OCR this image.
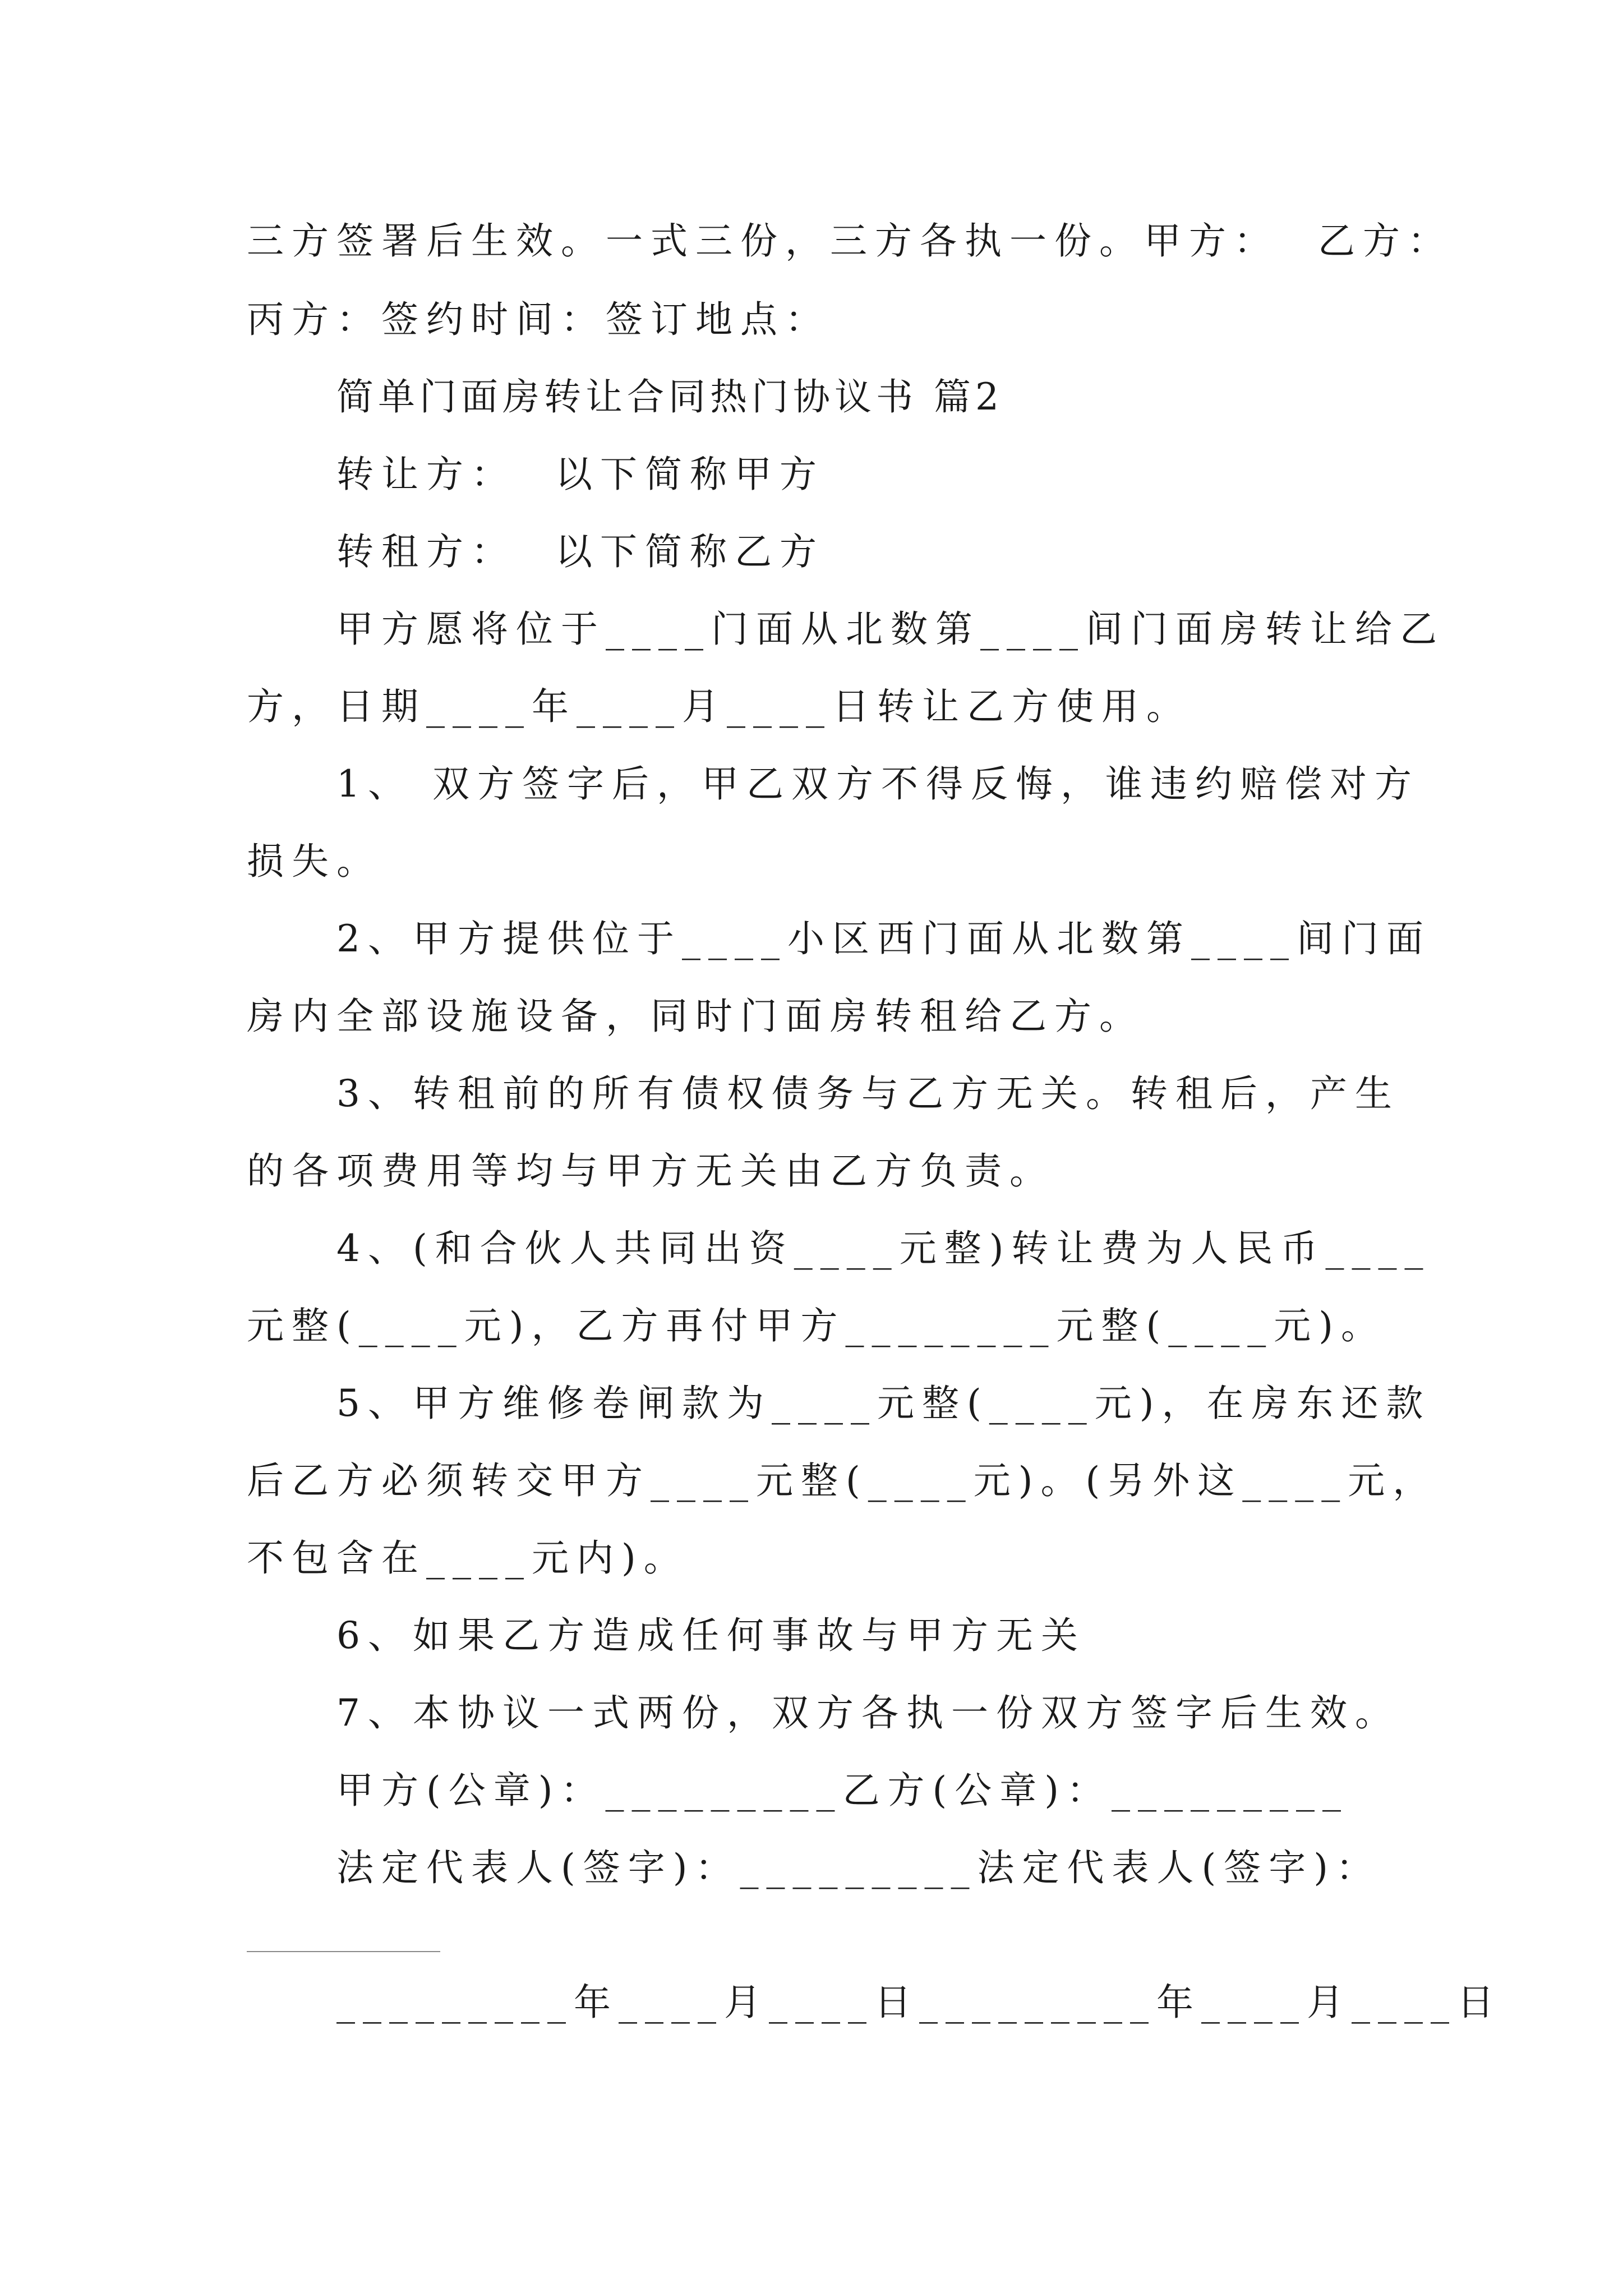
三方签署后生效。一式三份，三方各执一份。甲方：  乙方：
丙方：签约时间：签订地点：
简单门面房转让合同热门协议书 篇2
转让方：  以下简称甲方
转租方：  以下简称乙方
甲方愿将位于____门面从北数第____间门面房转让给乙
方，日期____年____月____日转让乙方使用。
1、 双方签字后，甲乙双方不得反悔，谁违约赔偿对方
损失。
2、甲方提供位于____小区西门面从北数第____间门面
房内全部设施设备，同时门面房转租给乙方。
3、转租前的所有债权债务与乙方无关。转租后，产生
的各项费用等均与甲方无关由乙方负责。
4、(和合伙人共同出资____元整)转让费为人民币____
元整(____元)，乙方再付甲方________元整(____元)。
5、甲方维修卷闸款为____元整(____元)，在房东还款
后乙方必须转交甲方____元整(____元)。(另外这____元，
不包含在____元内)。
6、如果乙方造成任何事故与甲方无关
7、本协议一式两份，双方各执一份双方签字后生效。
甲方(公章)：_________乙方(公章)：_________
法定代表人(签字)：_________法定代表人(签字)：
_________年____月____日_________年____月____日
